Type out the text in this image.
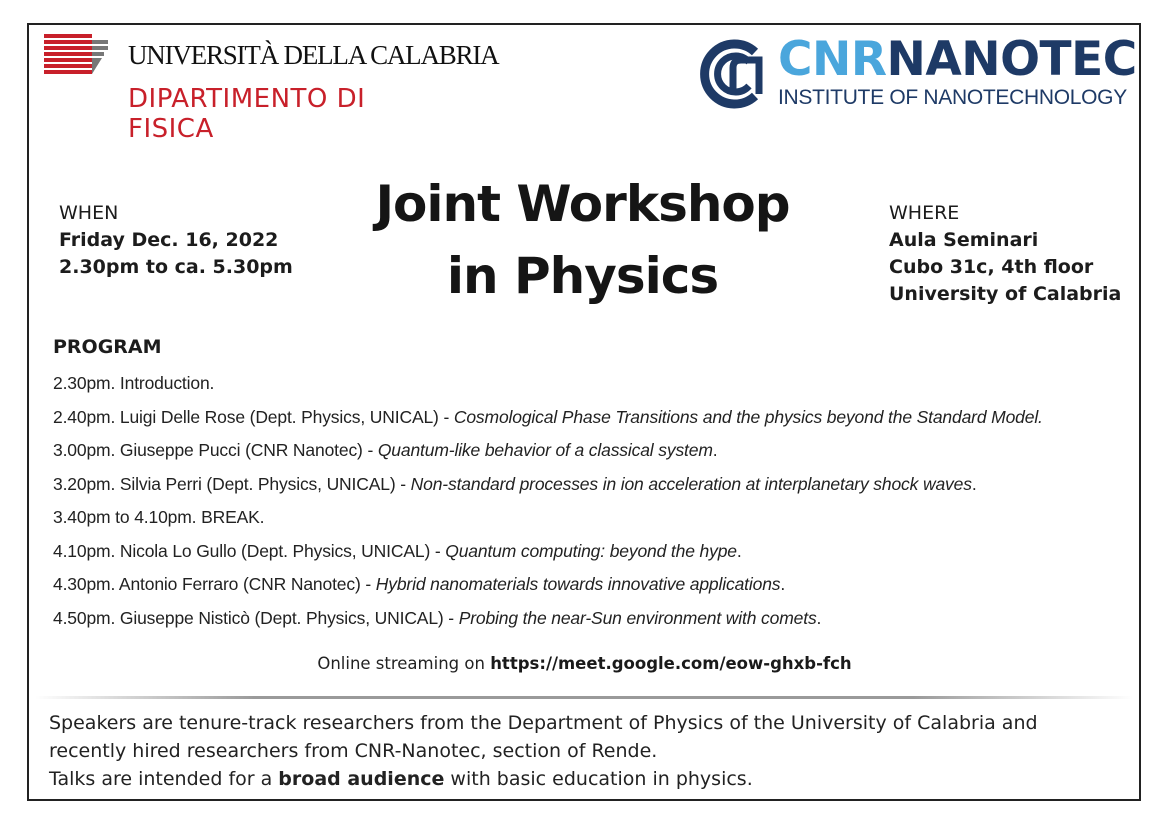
UNIVERSITÀ DELLA CALABRIA
DIPARTIMENTO DI
FISICA
CNRNANOTEC
INSTITUTE OF NANOTECHNOLOGY
WHEN
Friday Dec. 16, 2022
2.30pm to ca. 5.30pm
Joint Workshop
in Physics
WHERE
Aula Seminari
Cubo 31c, 4th floor
University of Calabria
PROGRAM
2.30pm. Introduction.
2.40pm. Luigi Delle Rose (Dept. Physics, UNICAL) - Cosmological Phase Transitions and the physics beyond the Standard Model.
3.00pm. Giuseppe Pucci (CNR Nanotec) - Quantum-like behavior of a classical system.
3.20pm. Silvia Perri (Dept. Physics, UNICAL) - Non-standard processes in ion acceleration at interplanetary shock waves.
3.40pm to 4.10pm. BREAK.
4.10pm. Nicola Lo Gullo (Dept. Physics, UNICAL) - Quantum computing: beyond the hype.
4.30pm. Antonio Ferraro (CNR Nanotec) - Hybrid nanomaterials towards innovative applications.
4.50pm. Giuseppe Nisticò (Dept. Physics, UNICAL) - Probing the near-Sun environment with comets.
Online streaming on https://meet.google.com/eow-ghxb-fch

Speakers are tenure-track researchers from the Department of Physics of the University of Calabria and

recently hired researchers from CNR-Nanotec, section of Rende.

Talks are intended for a broad audience with basic education in physics.
